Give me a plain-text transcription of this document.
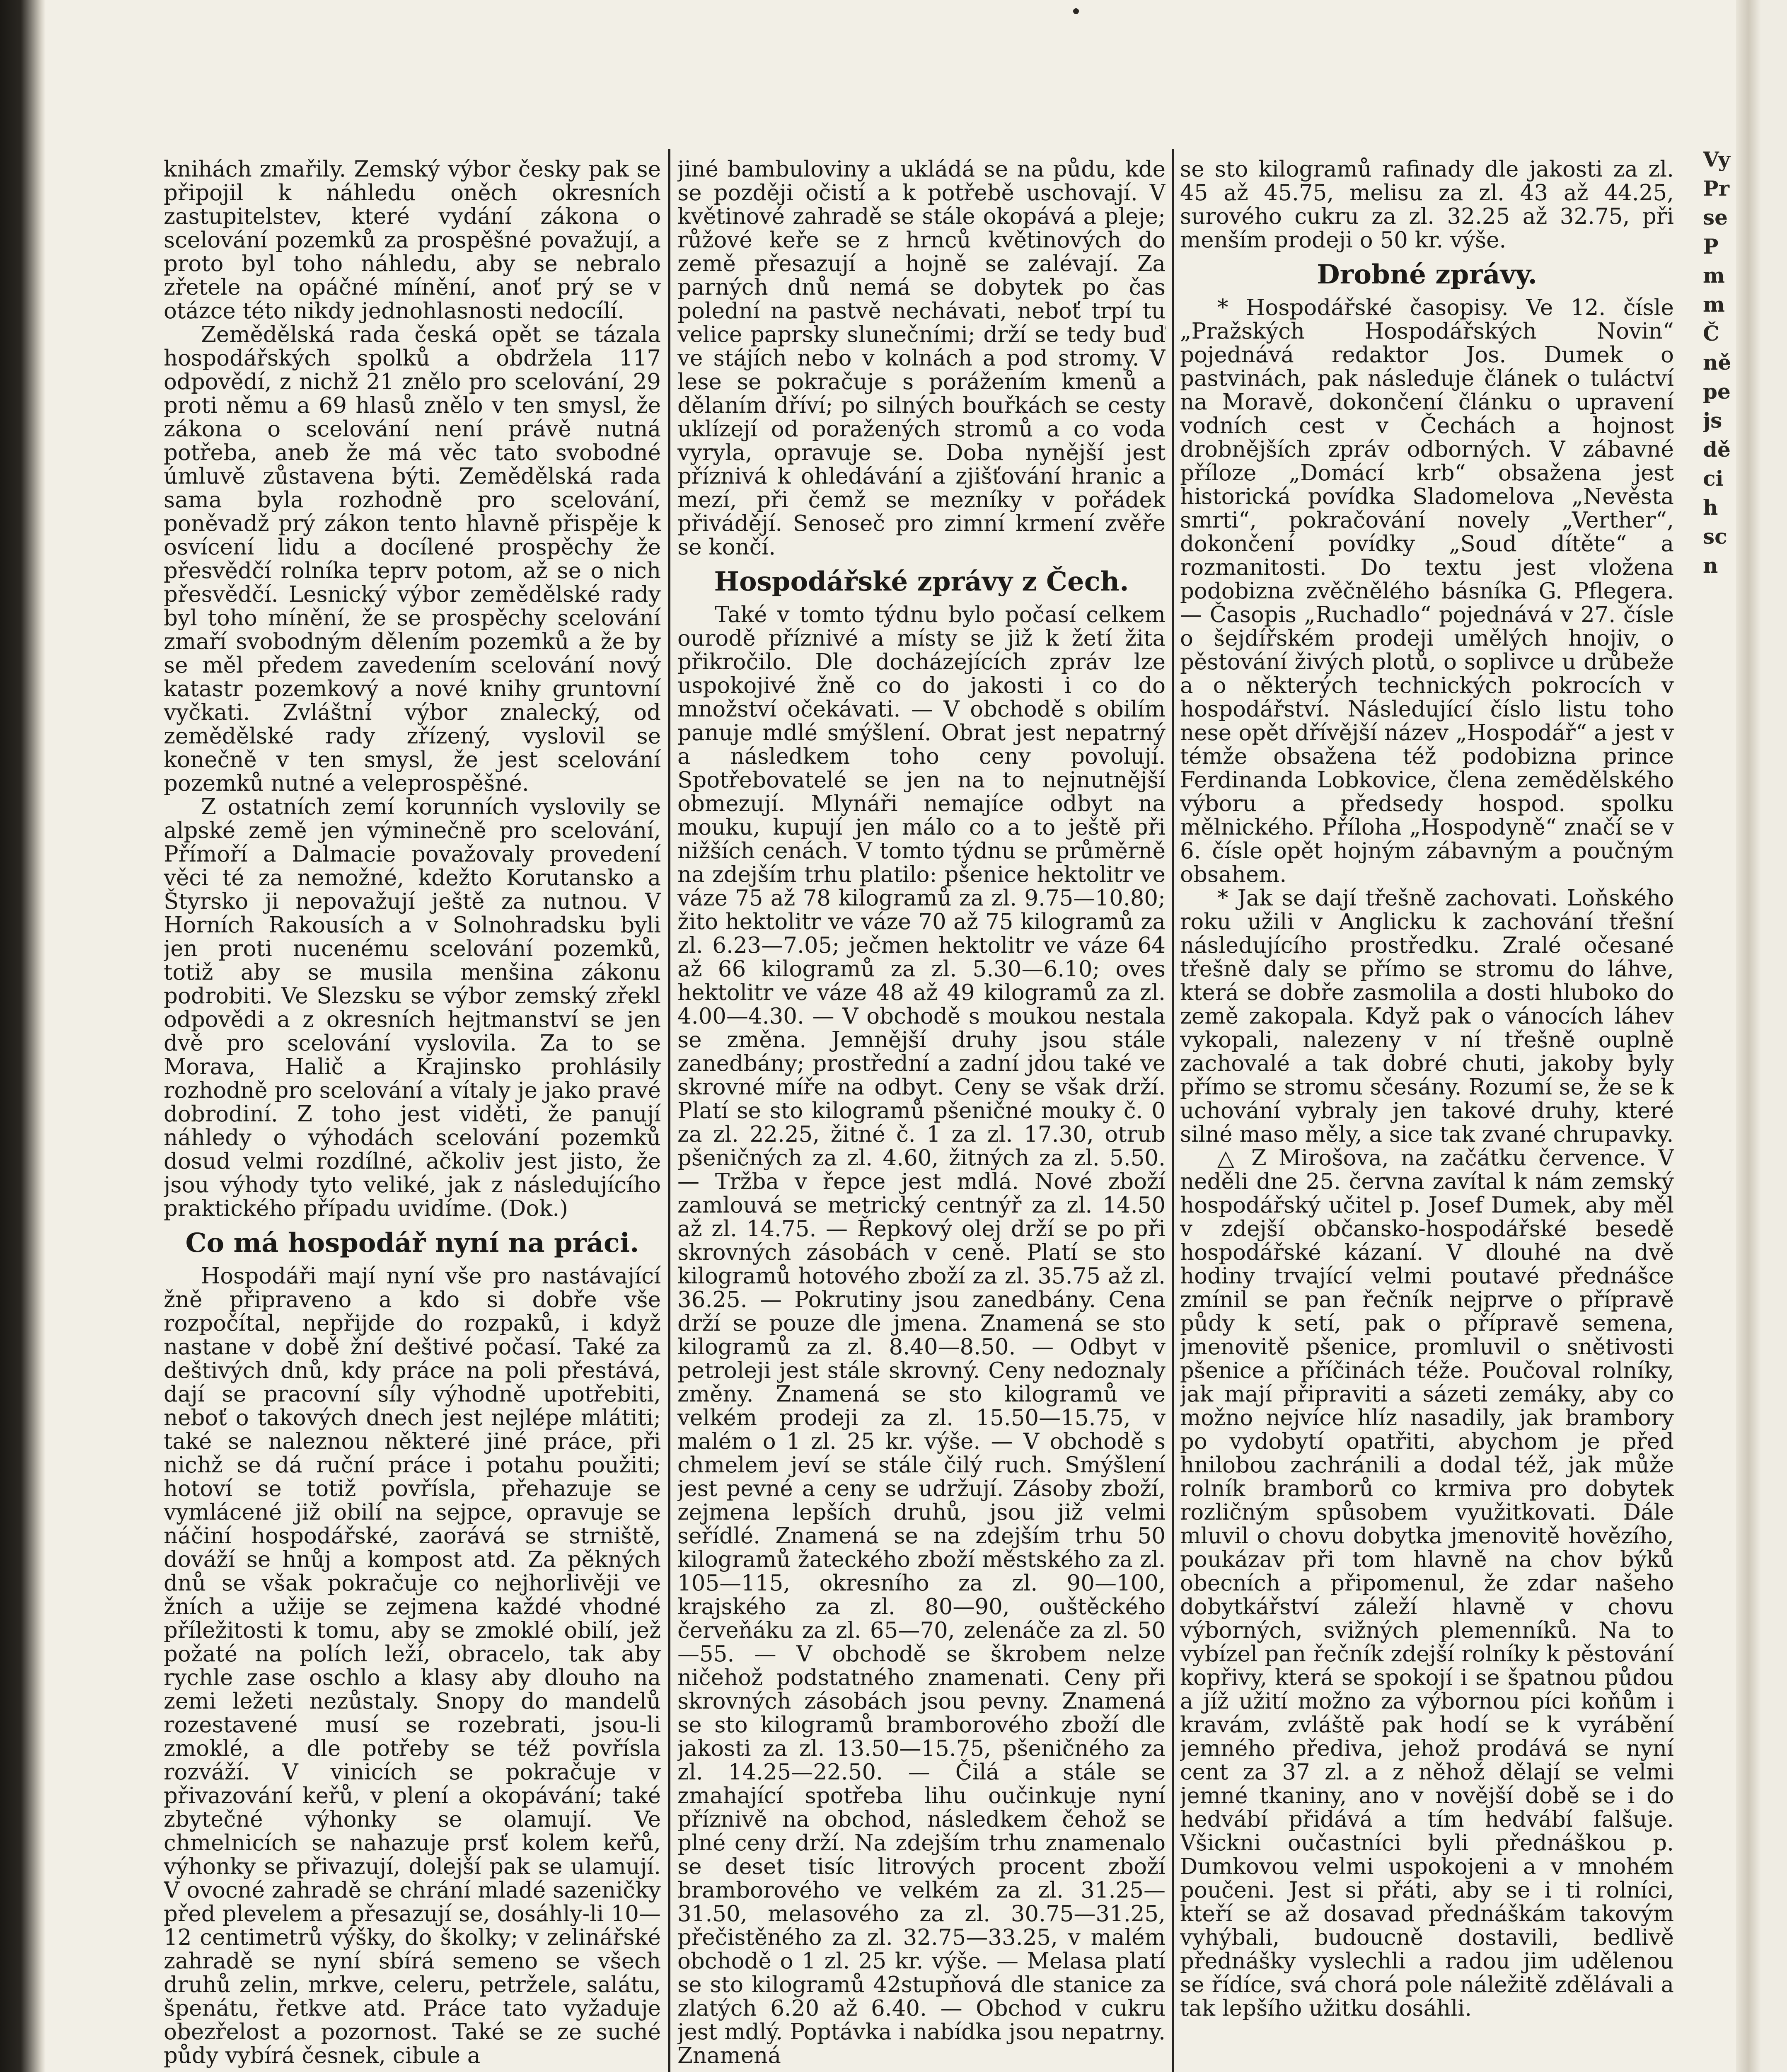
knihách zmařily. Zemský výbor česky pak se připojil k náhledu oněch okresních zastupitelstev, které vydání zákona o scelování pozemků za prospěšné považují, a proto byl toho náhledu, aby se nebralo zřetele na opáčné mínění, anoť prý se v otázce této nikdy jednohlasnosti nedocílí.

Zemědělská rada česká opět se tázala hospodářských spolků a obdržela 117 odpovědí, z nichž 21 znělo pro scelování, 29 proti němu a 69 hlasů znělo v ten smysl, že zákona o scelování není právě nutná potřeba, aneb že má věc tato svobodné úmluvě zůstavena býti. Zemědělská rada sama byla rozhodně pro scelování, poněvadž prý zákon tento hlavně přispěje k osvícení lidu a docílené prospěchy že přesvědčí rolníka teprv potom, až se o nich přesvědčí. Lesnický výbor zemědělské rady byl toho mínění, že se prospěchy scelování zmaří svobodným dělením pozemků a že by se měl předem zavedením scelování nový katastr pozemkový a nové knihy gruntovní vyčkati. Zvláštní výbor znalecký, od zemědělské rady zřízený, vyslovil se konečně v ten smysl, že jest scelování pozemků nutné a veleprospěšné.

Z ostatních zemí korunních vyslovily se alpské země jen výminečně pro scelování, Přímoří a Dalmacie považovaly provedení věci té za nemožné, kdežto Korutansko a Štyrsko ji nepovažují ještě za nutnou. V Horních Rakousích a v Solnohradsku byli jen proti nucenému scelování pozemků, totiž aby se musila menšina zákonu podrobiti. Ve Slezsku se výbor zemský zřekl odpovědi a z okresních hejtmanství se jen dvě pro scelování vyslovila. Za to se Morava, Halič a Krajinsko prohlásily rozhodně pro scelování a vítaly je jako pravé dobrodiní. Z toho jest viděti, že panují náhledy o výhodách scelování pozemků dosud velmi rozdílné, ačkoliv jest jisto, že jsou výhody tyto veliké, jak z následujícího praktického případu uvidíme. (Dok.)

Co má hospodář nyní na práci.

Hospodáři mají nyní vše pro nastávající žně připraveno a kdo si dobře vše rozpočítal, nepřijde do rozpaků, i když nastane v době žní deštivé počasí. Také za deštivých dnů, kdy práce na poli přestává, dají se pracovní síly výhodně upotřebiti, neboť o takových dnech jest nejlépe mlátiti; také se naleznou některé jiné práce, při nichž se dá ruční práce i potahu použiti; hotoví se totiž povřísla, přehazuje se vymlácené již obilí na sejpce, opravuje se náčiní hospodářské, zaorává se strniště, dováží se hnůj a kompost atd. Za pěkných dnů se však pokračuje co nejhorlivěji ve žních a užije se zejmena každé vhodné příležitosti k tomu, aby se zmoklé obilí, jež požaté na polích leží, obracelo, tak aby rychle zase oschlo a klasy aby dlouho na zemi ležeti nezůstaly. Snopy do mandelů rozestavené musí se rozebrati, jsou-li zmoklé, a dle potřeby se též povřísla rozváží. V vinicích se pokračuje v přivazování keřů, v plení a okopávání; také zbytečné výhonky se olamují. Ve chmelnicích se nahazuje prsť kolem keřů, výhonky se přivazují, dolejší pak se ulamují. V ovocné zahradě se chrání mladé sazeničky před plevelem a přesazují se, dosáhly-li 10—12 centimetrů výšky, do školky; v zelinářské zahradě se nyní sbírá semeno se všech druhů zelin, mrkve, celeru, petržele, salátu, špenátu, řetkve atd. Práce tato vyžaduje obezřelost a pozornost. Také se ze suché půdy vybírá česnek, cibule a

jiné bambuloviny a ukládá se na půdu, kde se později očistí a k potřebě uschovají. V květinové zahradě se stále okopává a pleje; růžové keře se z hrnců květinových do země přesazují a hojně se zalévají. Za parných dnů nemá se dobytek po čas polední na pastvě nechávati, neboť trpí tu velice paprsky slunečními; drží se tedy buď ve stájích nebo v kolnách a pod stromy. V lese se pokračuje s porážením kmenů a dělaním dříví; po silných bouřkách se cesty uklízejí od poražených stromů a co voda vyryla, opravuje se. Doba nynější jest příznivá k ohledávání a zjišťování hranic a mezí, při čemž se mezníky v pořádek přivádějí. Senoseč pro zimní krmení zvěře se končí.

Hospodářské zprávy z Čech.

Také v tomto týdnu bylo počasí celkem ourodě příznivé a místy se již k žetí žita přikročilo. Dle docházejících zpráv lze uspokojivé žně co do jakosti i co do množství očekávati. — V obchodě s obilím panuje mdlé smýšlení. Obrat jest nepatrný a následkem toho ceny povolují. Spotřebovatelé se jen na to nejnutnější obmezují. Mlynáři nemajíce odbyt na mouku, kupují jen málo co a to ještě při nižších cenách. V tomto týdnu se průměrně na zdejším trhu platilo: pšenice hektolitr ve váze 75 až 78 kilogramů za zl. 9.75—10.80; žito hektolitr ve váze 70 až 75 kilogramů za zl. 6.23—7.05; ječmen hektolitr ve váze 64 až 66 kilogramů za zl. 5.30—6.10; oves hektolitr ve váze 48 až 49 kilogramů za zl. 4.00—4.30. — V obchodě s moukou nestala se změna. Jemnější druhy jsou stále zanedbány; prostřední a zadní jdou také ve skrovné míře na odbyt. Ceny se však drží. Platí se sto kilogramů pšeničné mouky č. 0 za zl. 22.25, žitné č. 1 za zl. 17.30, otrub pšeničných za zl. 4.60, žitných za zl. 5.50. — Tržba v řepce jest mdlá. Nové zboží zamlouvá se metrický centnýř za zl. 14.50 až zl. 14.75. — Řepkový olej drží se po při skrovných zásobách v ceně. Platí se sto kilogramů hotového zboží za zl. 35.75 až zl. 36.25. — Pokrutiny jsou zanedbány. Cena drží se pouze dle jmena. Znamená se sto kilogramů za zl. 8.40—8.50. — Odbyt v petroleji jest stále skrovný. Ceny nedoznaly změny. Znamená se sto kilogramů ve velkém prodeji za zl. 15.50—15.75, v malém o 1 zl. 25 kr. výše. — V obchodě s chmelem jeví se stále čilý ruch. Smýšlení jest pevné a ceny se udržují. Zásoby zboží, zejmena lepších druhů, jsou již velmi seřídlé. Znamená se na zdejším trhu 50 kilogramů žateckého zboží městského za zl. 105—115, okresního za zl. 90—100, krajského za zl. 80—90, ouštěckého červeňáku za zl. 65—70, zelenáče za zl. 50—55. — V obchodě se škrobem nelze ničehož podstatného znamenati. Ceny při skrovných zásobách jsou pevny. Znamená se sto kilogramů bramborového zboží dle jakosti za zl. 13.50—15.75, pšeničného za zl. 14.25—22.50. — Čilá a stále se zmahající spotřeba lihu oučinkuje nyní příznivě na obchod, následkem čehož se plné ceny drží. Na zdejším trhu znamenalo se deset tisíc litrových procent zboží bramborového ve velkém za zl. 31.25—31.50, melasového za zl. 30.75—31.25, přečistěného za zl. 32.75—33.25, v malém obchodě o 1 zl. 25 kr. výše. — Melasa platí se sto kilogramů 42stupňová dle stanice za zlatých 6.20 až 6.40. — Obchod v cukru jest mdlý. Poptávka i nabídka jsou nepatrny. Znamená

se sto kilogramů rafinady dle jakosti za zl. 45 až 45.75, melisu za zl. 43 až 44.25, surového cukru za zl. 32.25 až 32.75, při menším prodeji o 50 kr. výše.

Drobné zprávy.

* Hospodářské časopisy. Ve 12. čísle „Pražských Hospodářských Novin“ pojednává redaktor Jos. Dumek o pastvinách, pak následuje článek o tuláctví na Moravě, dokončení článku o upravení vodních cest v Čechách a hojnost drobnějších zpráv odborných. V zábavné příloze „Domácí krb“ obsažena jest historická povídka Sladomelova „Nevěsta smrti“, pokračování novely „Verther“, dokončení povídky „Soud dítěte“ a rozmanitosti. Do textu jest vložena podobizna zvěčnělého básníka G. Pflegera. — Časopis „Ruchadlo“ pojednává v 27. čísle o šejdířském prodeji umělých hnojiv, o pěstování živých plotů, o soplivce u drůbeže a o některých technických pokrocích v hospodářství. Následující číslo listu toho nese opět dřívější název „Hospodář“ a jest v témže obsažena též podobizna prince Ferdinanda Lobkovice, člena zemědělského výboru a předsedy hospod. spolku mělnického. Příloha „Hospodyně“ značí se v 6. čísle opět hojným zábavným a poučným obsahem.

* Jak se dají třešně zachovati. Loňského roku užili v Anglicku k zachování třešní následujícího prostředku. Zralé očesané třešně daly se přímo se stromu do láhve, která se dobře zasmolila a dosti hluboko do země zakopala. Když pak o vánocích láhev vykopali, nalezeny v ní třešně ouplně zachovalé a tak dobré chuti, jakoby byly přímo se stromu sčesány. Rozumí se, že se k uchování vybraly jen takové druhy, které silné maso měly, a sice tak zvané chrupavky.

△ Z Mirošova, na začátku července. V neděli dne 25. června zavítal k nám zemský hospodářský učitel p. Josef Dumek, aby měl v zdejší občansko-hospodářské besedě hospodářské kázaní. V dlouhé na dvě hodiny trvající velmi poutavé přednášce zmínil se pan řečník nejprve o přípravě půdy k setí, pak o přípravě semena, jmenovitě pšenice, promluvil o snětivosti pšenice a příčinách téže. Poučoval rolníky, jak mají připraviti a sázeti zemáky, aby co možno nejvíce hlíz nasadily, jak brambory po vydobytí opatřiti, abychom je před hnilobou zachránili a dodal též, jak může rolník bramborů co krmiva pro dobytek rozličným spůsobem využitkovati. Dále mluvil o chovu dobytka jmenovitě hovězího, poukázav při tom hlavně na chov býků obecních a připomenul, že zdar našeho dobytkářství záleží hlavně v chovu výborných, svižných plemenníků. Na to vybízel pan řečník zdejší rolníky k pěstování kopřivy, která se spokojí i se špatnou půdou a jíž užití možno za výbornou píci koňům i kravám, zvláště pak hodí se k vyrábění jemného přediva, jehož prodává se nyní cent za 37 zl. a z něhož dělají se velmi jemné tkaniny, ano v novější době se i do hedvábí přidává a tím hedvábí falšuje. Všickni oučastníci byli přednáškou p. Dumkovou velmi uspokojeni a v mnohém poučeni. Jest si přáti, aby se i ti rolníci, kteří se až dosavad přednáškám takovým vyhýbali, budoucně dostavili, bedlivě přednášky vyslechli a radou jim udělenou se řídíce, svá chorá pole náležitě zdělávali a tak lepšího užitku dosáhli.

Vy
Pr
se
P
m
m
Č
ně
pe
js
dě
ci
h
sc
n
